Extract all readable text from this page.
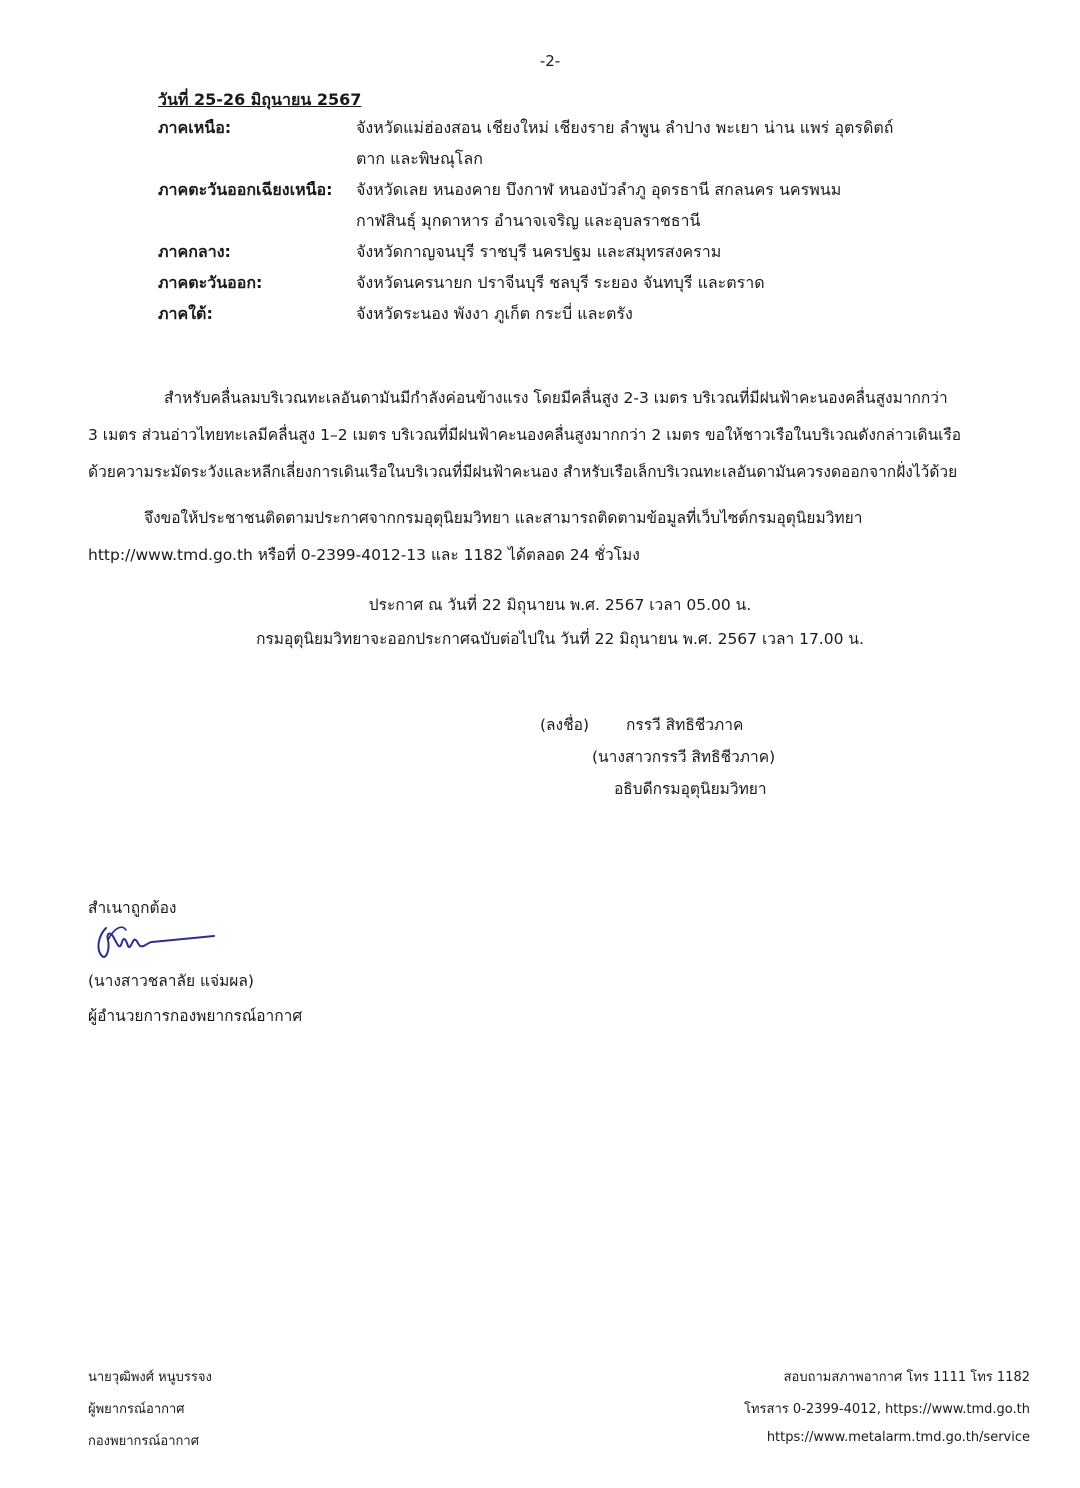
-2-
วันที่ 25-26 มิถุนายน 2567
ภาคเหนือ:	จังหวัดแม่ฮ่องสอน เชียงใหม่ เชียงราย ลำพูน ลำปาง พะเยา น่าน แพร่ อุตรดิตถ์
ตาก และพิษณุโลก
ภาคตะวันออกเฉียงเหนือ: จังหวัดเลย หนองคาย บึงกาฬ หนองบัวลำภู อุดรธานี สกลนคร นครพนม
กาฬสินธุ์ มุกดาหาร อำนาจเจริญ และอุบลราชธานี
ภาคกลาง:	จังหวัดกาญจนบุรี ราชบุรี นครปฐม และสมุทรสงคราม
ภาคตะวันออก:	จังหวัดนครนายก ปราจีนบุรี ชลบุรี ระยอง จันทบุรี และตราด
ภาคใต้:	จังหวัดระนอง พังงา ภูเก็ต กระบี่ และตรัง
สำหรับคลื่นลมบริเวณทะเลอันดามันมีกำลังค่อนข้างแรง โดยมีคลื่นสูง 2-3 เมตร บริเวณที่มีฝนฟ้าคะนองคลื่นสูงมากกว่า
3 เมตร ส่วนอ่าวไทยทะเลมีคลื่นสูง 1–2 เมตร บริเวณที่มีฝนฟ้าคะนองคลื่นสูงมากกว่า 2 เมตร ขอให้ชาวเรือในบริเวณดังกล่าวเดินเรือ
ด้วยความระมัดระวังและหลีกเลี่ยงการเดินเรือในบริเวณที่มีฝนฟ้าคะนอง สำหรับเรือเล็กบริเวณทะเลอันดามันควรงดออกจากฝั่งไว้ด้วย
จึงขอให้ประชาชนติดตามประกาศจากกรมอุตุนิยมวิทยา และสามารถติดตามข้อมูลที่เว็บไซต์กรมอุตุนิยมวิทยา
http://www.tmd.go.th หรือที่ 0-2399-4012-13 และ 1182 ได้ตลอด 24 ชั่วโมง
ประกาศ ณ วันที่ 22 มิถุนายน พ.ศ. 2567 เวลา 05.00 น.
กรมอุตุนิยมวิทยาจะออกประกาศฉบับต่อไปใน วันที่ 22 มิถุนายน พ.ศ. 2567 เวลา 17.00 น.
(ลงชื่อ) กรรวี สิทธิชีวภาค
(นางสาวกรรวี สิทธิชีวภาค)
อธิบดีกรมอุตุนิยมวิทยา
สำเนาถูกต้อง
(นางสาวชลาลัย แจ่มผล)
ผู้อำนวยการกองพยากรณ์อากาศ
นายวุฒิพงศ์ หนูบรรจง
ผู้พยากรณ์อากาศ
กองพยากรณ์อากาศ
สอบถามสภาพอากาศ โทร 1111 โทร 1182
โทรสาร 0-2399-4012, https://www.tmd.go.th
https://www.metalarm.tmd.go.th/service
